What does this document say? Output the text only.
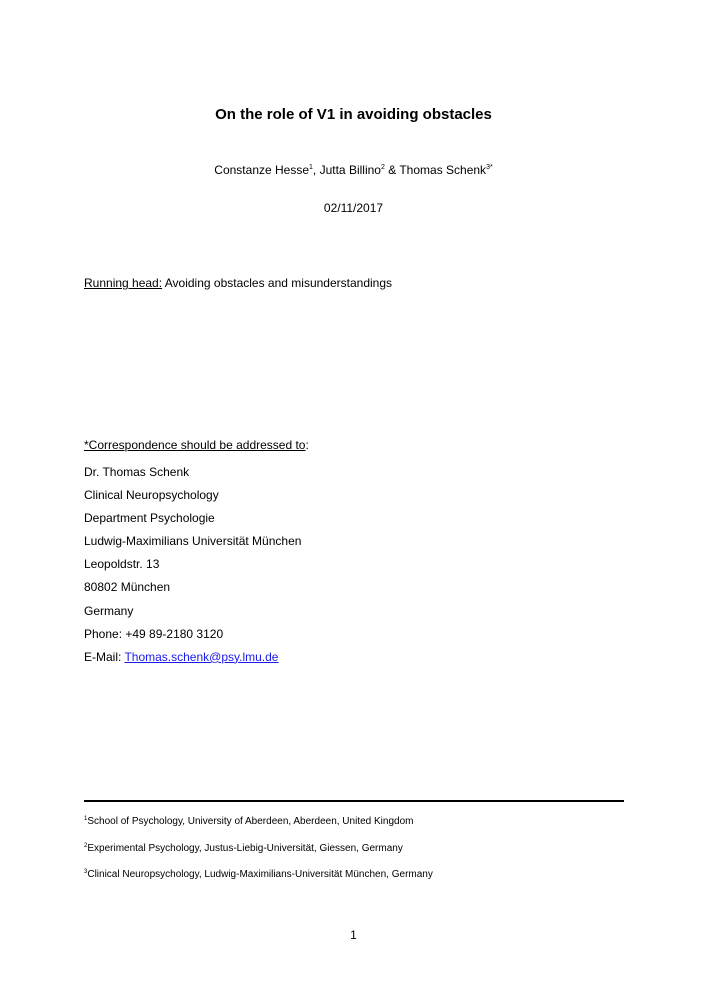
On the role of V1 in avoiding obstacles
Constanze Hesse$^1$, Jutta Billino$^2$ & Thomas Schenk$^{3*}$
02/11/2017
Running head: Avoiding obstacles and misunderstandings
*Correspondence should be addressed to:
Dr. Thomas Schenk
Clinical Neuropsychology
Department Psychologie
Ludwig-Maximilians Universität München
Leopoldstr. 13
80802 München
Germany
Phone: +49 89-2180 3120
E-Mail: Thomas.schenk@psy.lmu.de
$^1$School of Psychology, University of Aberdeen, Aberdeen, United Kingdom
$^2$Experimental Psychology, Justus-Liebig-Universität, Giessen, Germany
$^3$Clinical Neuropsychology, Ludwig-Maximilians-Universität München, Germany
1
